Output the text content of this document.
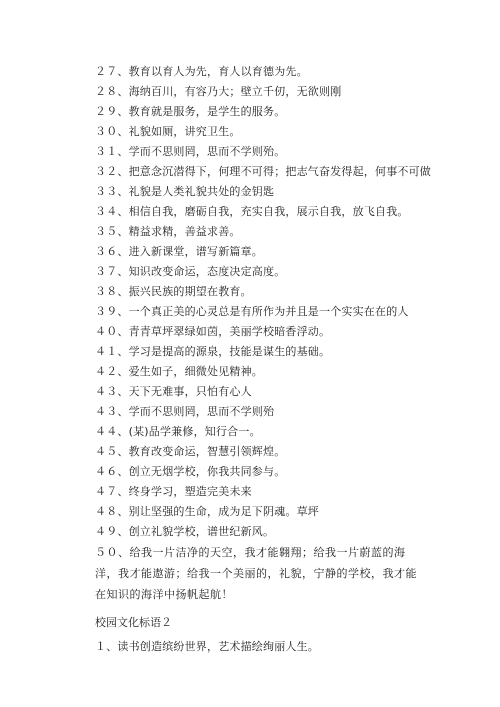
２７、教育以育人为先，育人以育德为先。
２８、海纳百川，有容乃大；壁立千仞，无欲则刚
２９、教育就是服务，是学生的服务。
３０、礼貌如厕，讲究卫生。
３１、学而不思则罔，思而不学则殆。
３２、把意念沉潜得下，何理不可得；把志气奋发得起，何事不可做
３３、礼貌是人类礼貌共处的金钥匙
３４、相信自我，磨砺自我，充实自我，展示自我，放飞自我。
３５、精益求精，善益求善。
３６、进入新课堂，谱写新篇章。
３７、知识改变命运，态度决定高度。
３８、振兴民族的期望在教育。
３９、一个真正美的心灵总是有所作为并且是一个实实在在的人
４０、青青草坪翠绿如茵，美丽学校暗香浮动。
４１、学习是提高的源泉，技能是谋生的基础。
４２、爱生如子，细微处见精神。
４３、天下无难事，只怕有心人
４３、学而不思则罔，思而不学则殆
４４、(某)品学兼修，知行合一。
４５、教育改变命运，智慧引领辉煌。
４６、创立无烟学校，你我共同参与。
４７、终身学习，塑造完美未来
４８、别让坚强的生命，成为足下阴魂。草坪
４９、创立礼貌学校，谱世纪新风。
５０、给我一片洁净的天空，我才能翱翔；给我一片蔚蓝的海洋，我才能遨游；给我一个美丽的，礼貌，宁静的学校，我才能在知识的海洋中扬帆起航！
校园文化标语２
１、读书创造缤纷世界，艺术描绘绚丽人生。
